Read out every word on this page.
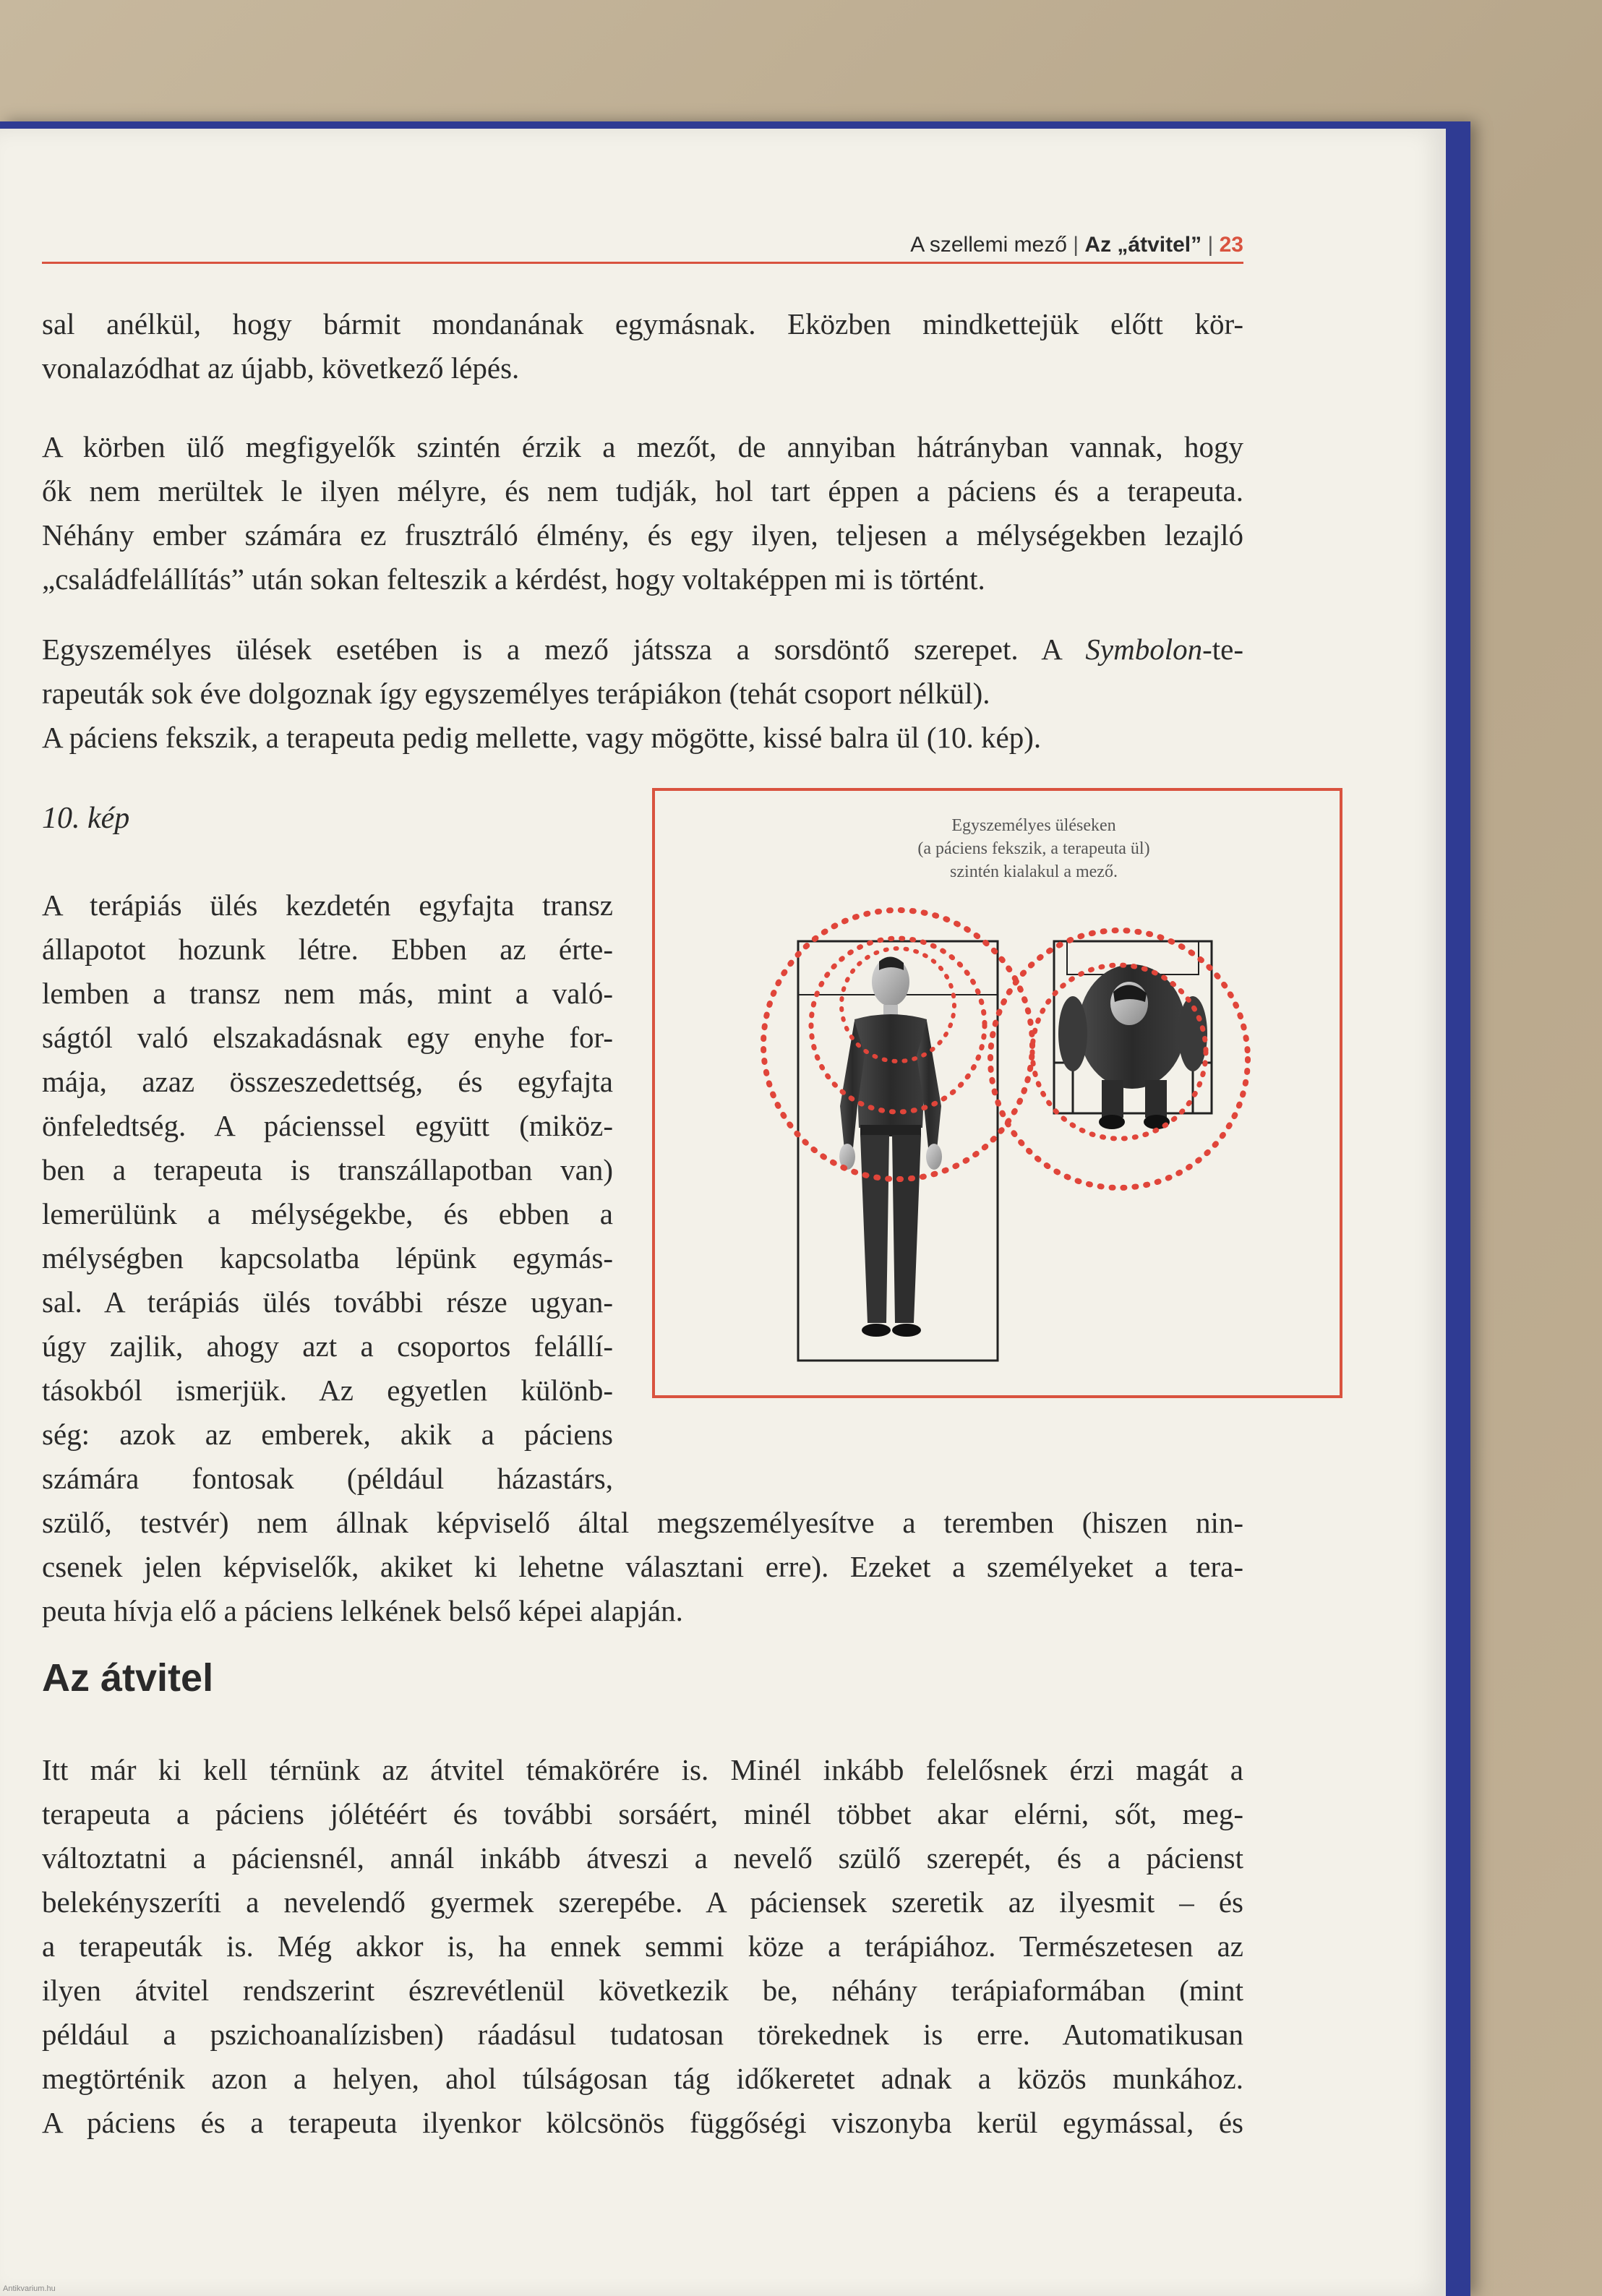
A szellemi mező | Az „átvitel” | 23
sal anélkül, hogy bármit mondanának egymásnak. Eközben mindkettejük előtt kör-
vonalazódhat az újabb, következő lépés.
A körben ülő megfigyelők szintén érzik a mezőt, de annyiban hátrányban vannak, hogy
ők nem merültek le ilyen mélyre, és nem tudják, hol tart éppen a páciens és a terapeuta.
Néhány ember számára ez frusztráló élmény, és egy ilyen, teljesen a mélységekben lezajló
„családfelállítás” után sokan felteszik a kérdést, hogy voltaképpen mi is történt.
Egyszemélyes ülések esetében is a mező játssza a sorsdöntő szerepet. A Symbolon-te-
rapeuták sok éve dolgoznak így egyszemélyes terápiákon (tehát csoport nélkül).
A páciens fekszik, a terapeuta pedig mellette, vagy mögötte, kissé balra ül (10. kép).
10. kép
A terápiás ülés kezdetén egyfajta transz
állapotot hozunk létre. Ebben az érte-
lemben a transz nem más, mint a való-
ságtól való elszakadásnak egy enyhe for-
mája, azaz összeszedettség, és egyfajta
önfeledtség. A pácienssel együtt (miköz-
ben a terapeuta is transzállapotban van)
lemerülünk a mélységekbe, és ebben a
mélységben kapcsolatba lépünk egymás-
sal. A terápiás ülés további része ugyan-
úgy zajlik, ahogy azt a csoportos felállí-
tásokból ismerjük. Az egyetlen különb-
ség: azok az emberek, akik a páciens
számára fontosak (például házastárs,
szülő, testvér) nem állnak képviselő által megszemélyesítve a teremben (hiszen nin-
csenek jelen képviselők, akiket ki lehetne választani erre). Ezeket a személyeket a tera-
peuta hívja elő a páciens lelkének belső képei alapján.
Egyszemélyes üléseken
(a páciens fekszik, a terapeuta ül)
szintén kialakul a mező.
Az átvitel
Itt már ki kell térnünk az átvitel témakörére is. Minél inkább felelősnek érzi magát a
terapeuta a páciens jólétéért és további sorsáért, minél többet akar elérni, sőt, meg-
változtatni a páciensnél, annál inkább átveszi a nevelő szülő szerepét, és a pácienst
belekényszeríti a nevelendő gyermek szerepébe. A páciensek szeretik az ilyesmit – és
a terapeuták is. Még akkor is, ha ennek semmi köze a terápiához. Természetesen az
ilyen átvitel rendszerint észrevétlenül következik be, néhány terápiaformában (mint
például a pszichoanalízisben) ráadásul tudatosan törekednek is erre. Automatikusan
megtörténik azon a helyen, ahol túlságosan tág időkeretet adnak a közös munkához.
A páciens és a terapeuta ilyenkor kölcsönös függőségi viszonyba kerül egymással, és
Antikvarium.hu
